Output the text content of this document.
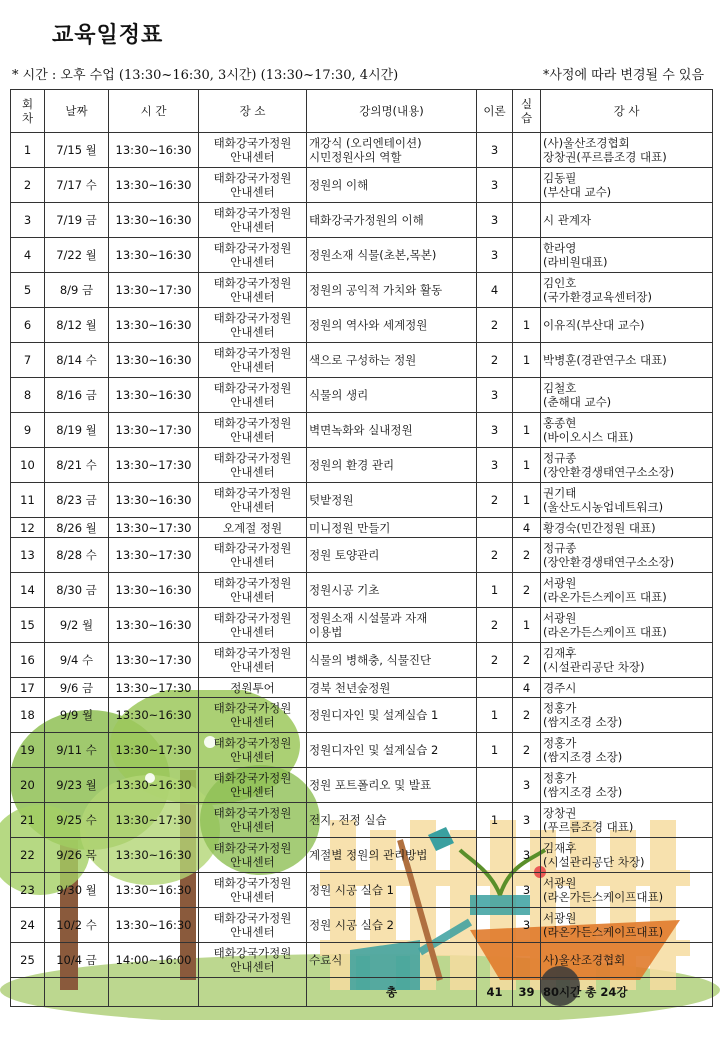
교육일정표
* 시간 : 오후 수업 (13:30~16:30, 3시간) (13:30~17:30, 4시간)	*사정에 따라 변경될 수 있음
회
차	날짜	시 간	장 소	강의명(내용)	이론	실
습	강 사
1	7/15 월	13:30~16:30	태화강국가정원
안내센터	개강식 (오리엔테이션)
시민정원사의 역할	3		(사)울산조경협회
장창권(푸르름조경 대표)
2	7/17 수	13:30~16:30	태화강국가정원
안내센터	정원의 이해	3		김동필
(부산대 교수)
3	7/19 금	13:30~16:30	태화강국가정원
안내센터	태화강국가정원의 이해	3		시 관계자
4	7/22 월	13:30~16:30	태화강국가정원
안내센터	정원소재 식물(초본,목본)	3		한라영
(라비원대표)
5	8/9 금	13:30~17:30	태화강국가정원
안내센터	정원의 공익적 가치와 활동	4		김인호
(국가환경교육센터장)
6	8/12 월	13:30~16:30	태화강국가정원
안내센터	정원의 역사와 세계정원	2	1	이유직(부산대 교수)
7	8/14 수	13:30~16:30	태화강국가정원
안내센터	색으로 구성하는 정원	2	1	박병훈(경관연구소 대표)
8	8/16 금	13:30~16:30	태화강국가정원
안내센터	식물의 생리	3		김철호
(춘해대 교수)
9	8/19 월	13:30~17:30	태화강국가정원
안내센터	벽면녹화와 실내정원	3	1	홍종현
(바이오시스 대표)
10	8/21 수	13:30~17:30	태화강국가정원
안내센터	정원의 환경 관리	3	1	정규종
(장안환경생태연구소소장)
11	8/23 금	13:30~16:30	태화강국가정원
안내센터	텃밭정원	2	1	권기태
(울산도시농업네트워크)
12	8/26 월	13:30~17:30	오계절 정원	미니정원 만들기		4	황경숙(민간정원 대표)
13	8/28 수	13:30~17:30	태화강국가정원
안내센터	정원 토양관리	2	2	정규종
(장안환경생태연구소소장)
14	8/30 금	13:30~16:30	태화강국가정원
안내센터	정원시공 기초	1	2	서광원
(라온가든스케이프 대표)
15	9/2 월	13:30~16:30	태화강국가정원
안내센터	정원소재 시설물과 자재
이용법	2	1	서광원
(라온가든스케이프 대표)
16	9/4 수	13:30~17:30	태화강국가정원
안내센터	식물의 병해충, 식물진단	2	2	김재후
(시설관리공단 차장)
17	9/6 금	13:30~17:30	정원투어	경북 천년숲정원		4	경주시
18	9/9 월	13:30~16:30	태화강국가정원
안내센터	정원디자인 및 설계실습 1	1	2	정홍가
(쌈지조경 소장)
19	9/11 수	13:30~17:30	태화강국가정원
안내센터	정원디자인 및 설계실습 2	1	2	정홍가
(쌈지조경 소장)
20	9/23 월	13:30~16:30	태화강국가정원
안내센터	정원 포트폴리오 및 발표		3	정홍가
(쌈지조경 소장)
21	9/25 수	13:30~17:30	태화강국가정원
안내센터	전지, 전정 실습	1	3	장창권
(푸르름조경 대표)
22	9/26 목	13:30~16:30	태화강국가정원
안내센터	계절별 정원의 관리방법		3	김재후
(시설관리공단 차장)
23	9/30 월	13:30~16:30	태화강국가정원
안내센터	정원 시공 실습 1		3	서광원
(라온가든스케이프대표)
24	10/2 수	13:30~16:30	태화강국가정원
안내센터	정원 시공 실습 2		3	서광원
(라온가든스케이프대표)
25	10/4 금	14:00~16:00	태화강국가정원
안내센터	수료식			사)울산조경협회
				총	41	39	80시간 총 24강
